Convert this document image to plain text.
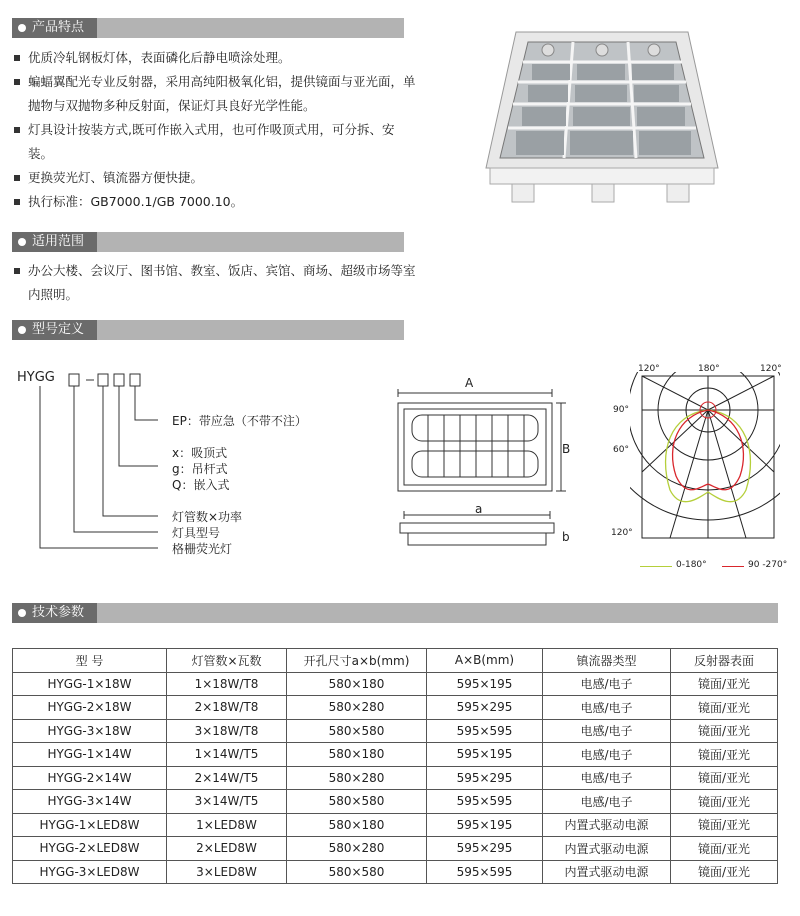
产品特点
优质冷轧钢板灯体，表面磷化后静电喷涂处理。
蝙蝠翼配光专业反射器，采用高纯阳极氧化铝，提供镜面与亚光面，单抛物与双抛物多种反射面，保证灯具良好光学性能。
灯具设计按装方式,既可作嵌入式用，也可作吸顶式用，可分拆、安装。
更换荧光灯、镇流器方便快捷。
执行标准：GB7000.1/GB 7000.10。
适用范围
办公大楼、会议厅、图书馆、教室、饭店、宾馆、商场、超级市场等室内照明。
型号定义
HYGG
EP：带应急（不带不注）
x：吸顶式
g：吊杆式
Q：嵌入式
灯管数×功率
灯具型号
格栅荧光灯
A
B
a
b
120°	180°	120°
90°
60°
120°
0-180°	90 -270°
技术参数
型 号	灯管数×瓦数	开孔尺寸a×b(mm)	A×B(mm)	镇流器类型	反射器表面
HYGG-1×18W	1×18W/T8	580×180	595×195	电感/电子	镜面/亚光
HYGG-2×18W	2×18W/T8	580×280	595×295	电感/电子	镜面/亚光
HYGG-3×18W	3×18W/T8	580×580	595×595	电感/电子	镜面/亚光
HYGG-1×14W	1×14W/T5	580×180	595×195	电感/电子	镜面/亚光
HYGG-2×14W	2×14W/T5	580×280	595×295	电感/电子	镜面/亚光
HYGG-3×14W	3×14W/T5	580×580	595×595	电感/电子	镜面/亚光
HYGG-1×LED8W	1×LED8W	580×180	595×195	内置式驱动电源	镜面/亚光
HYGG-2×LED8W	2×LED8W	580×280	595×295	内置式驱动电源	镜面/亚光
HYGG-3×LED8W	3×LED8W	580×580	595×595	内置式驱动电源	镜面/亚光
